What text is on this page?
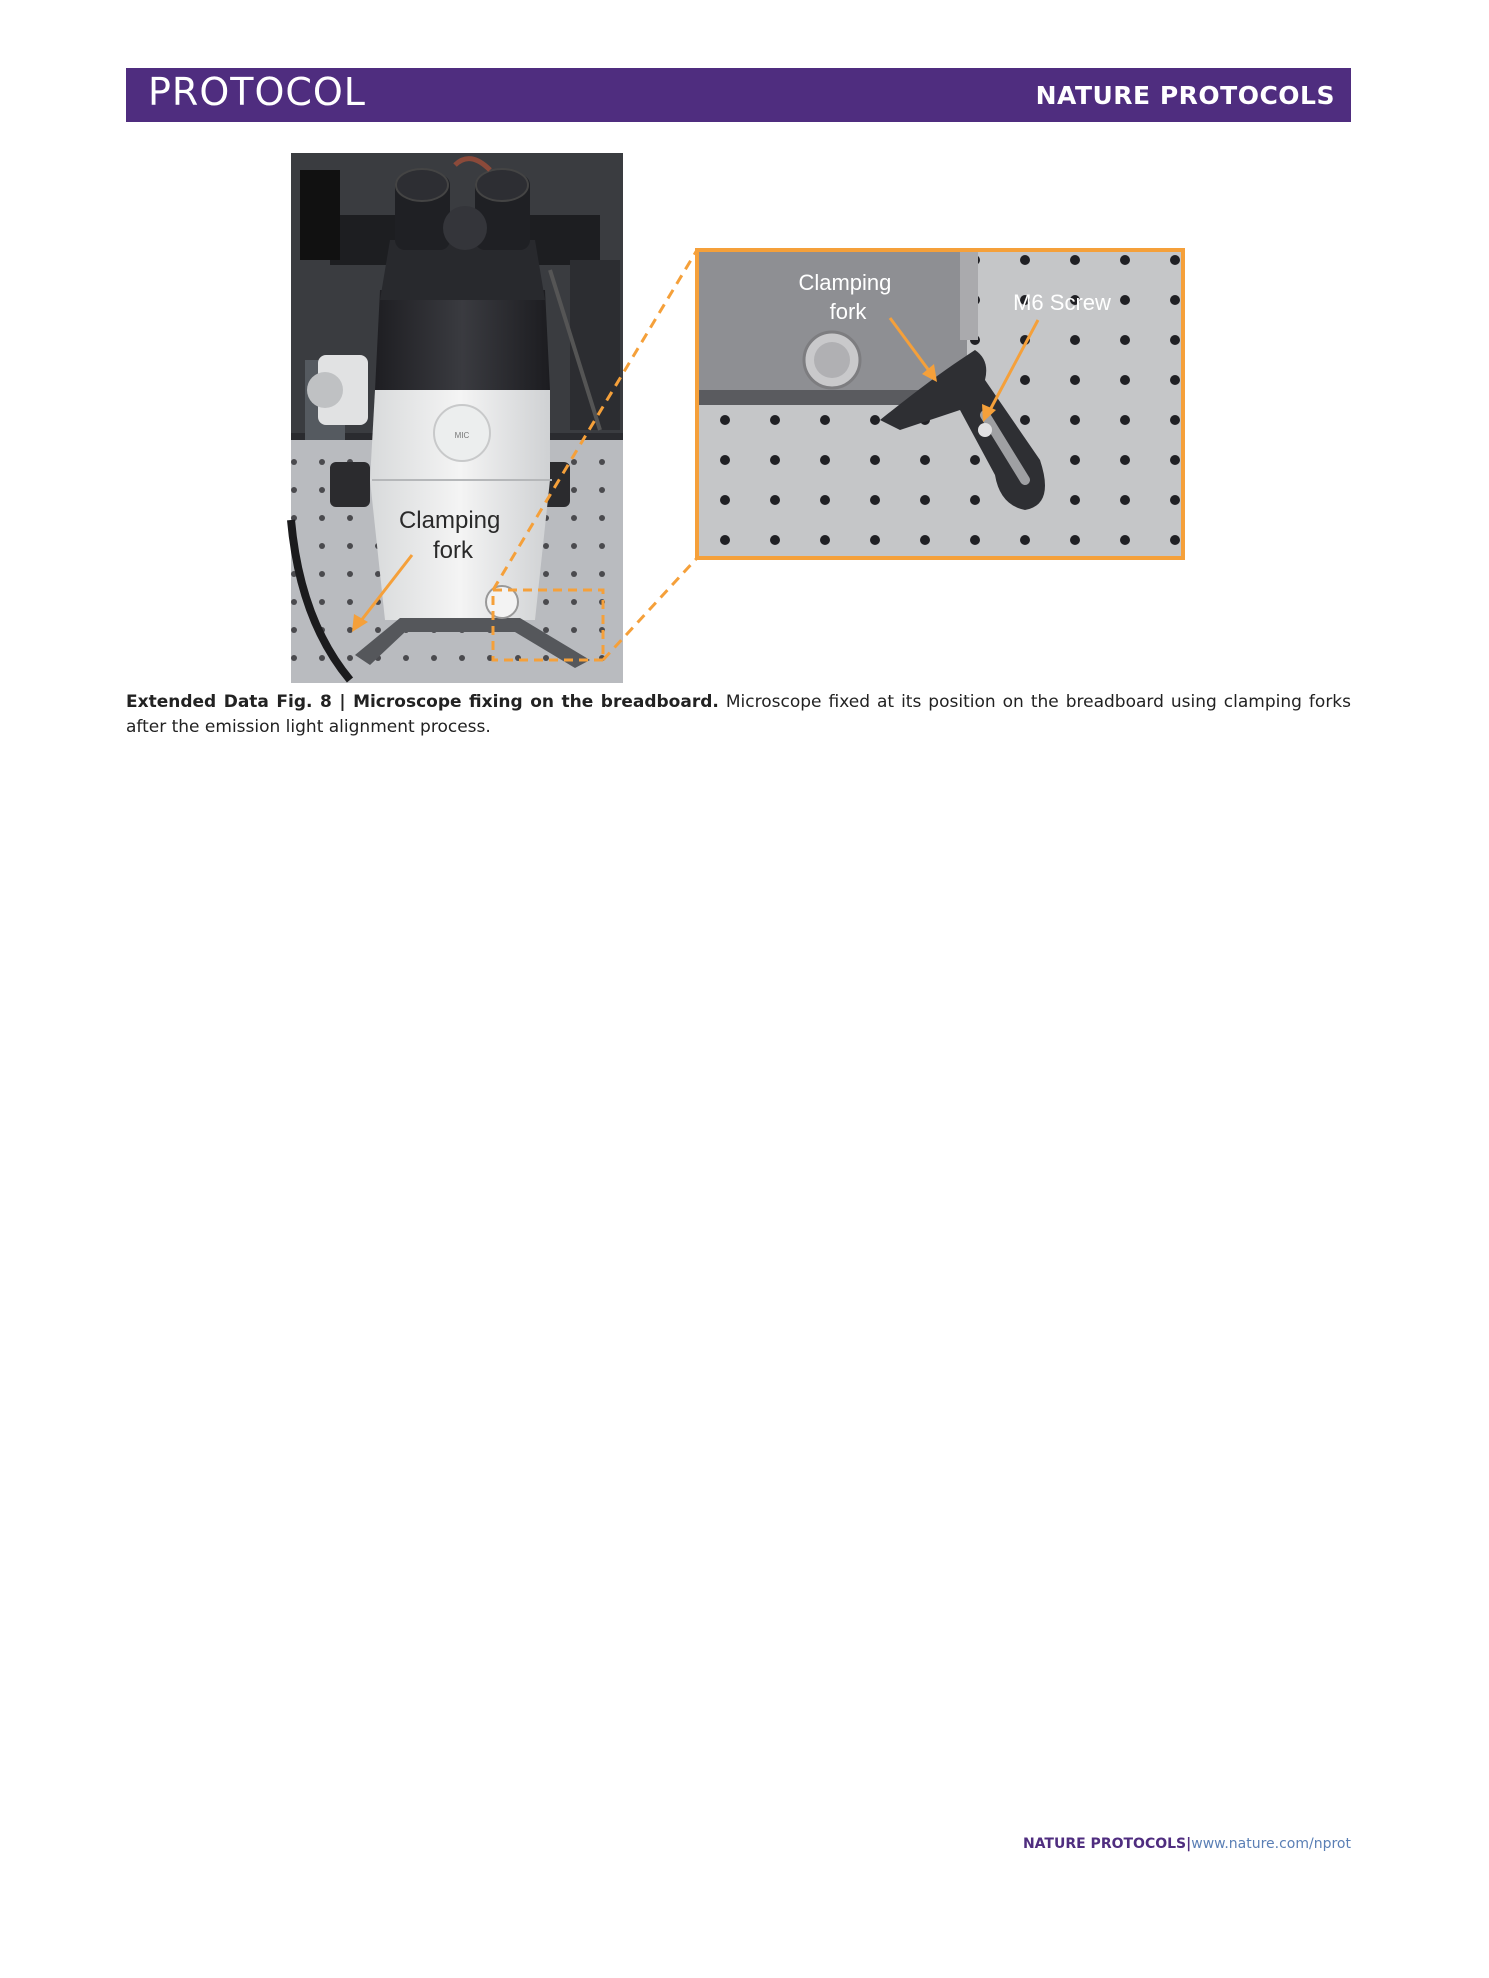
PROTOCOL	NATURE PROTOCOLS
MIC
Clamping fork
Clamping fork	M6 Screw
Extended Data Fig. 8 | Microscope fixing on the breadboard. Microscope fixed at its position on the breadboard using clamping forks after the emission light alignment process.
NATURE PROTOCOLS|www.nature.com/nprot
